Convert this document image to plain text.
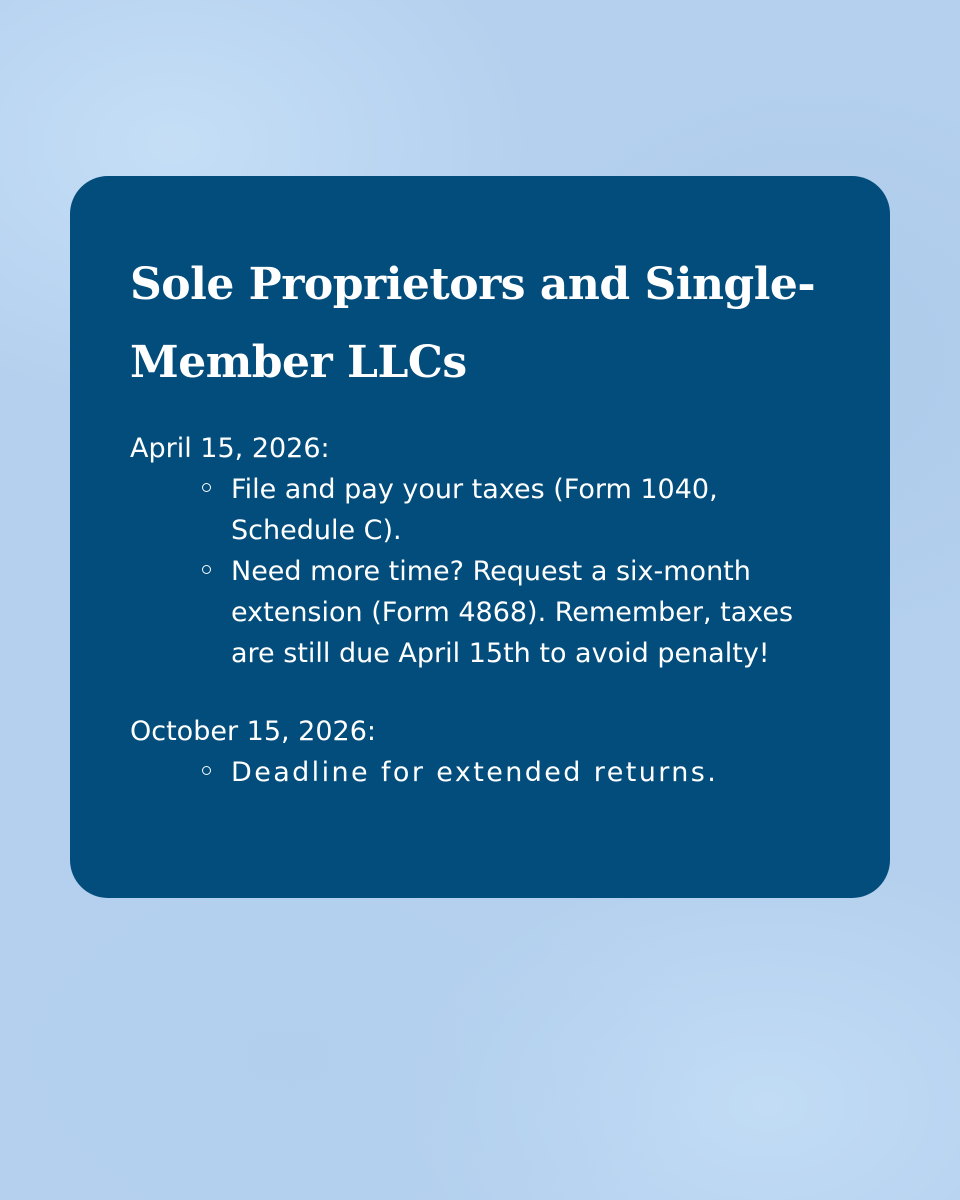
Sole Proprietors and Single-Member LLCs

April 15, 2026:

File and pay your taxes (Form 1040, Schedule C).
Need more time? Request a six-month extension (Form 4868). Remember, taxes are still due April 15th to avoid penalty!

October 15, 2026:

Deadline for extended returns.
